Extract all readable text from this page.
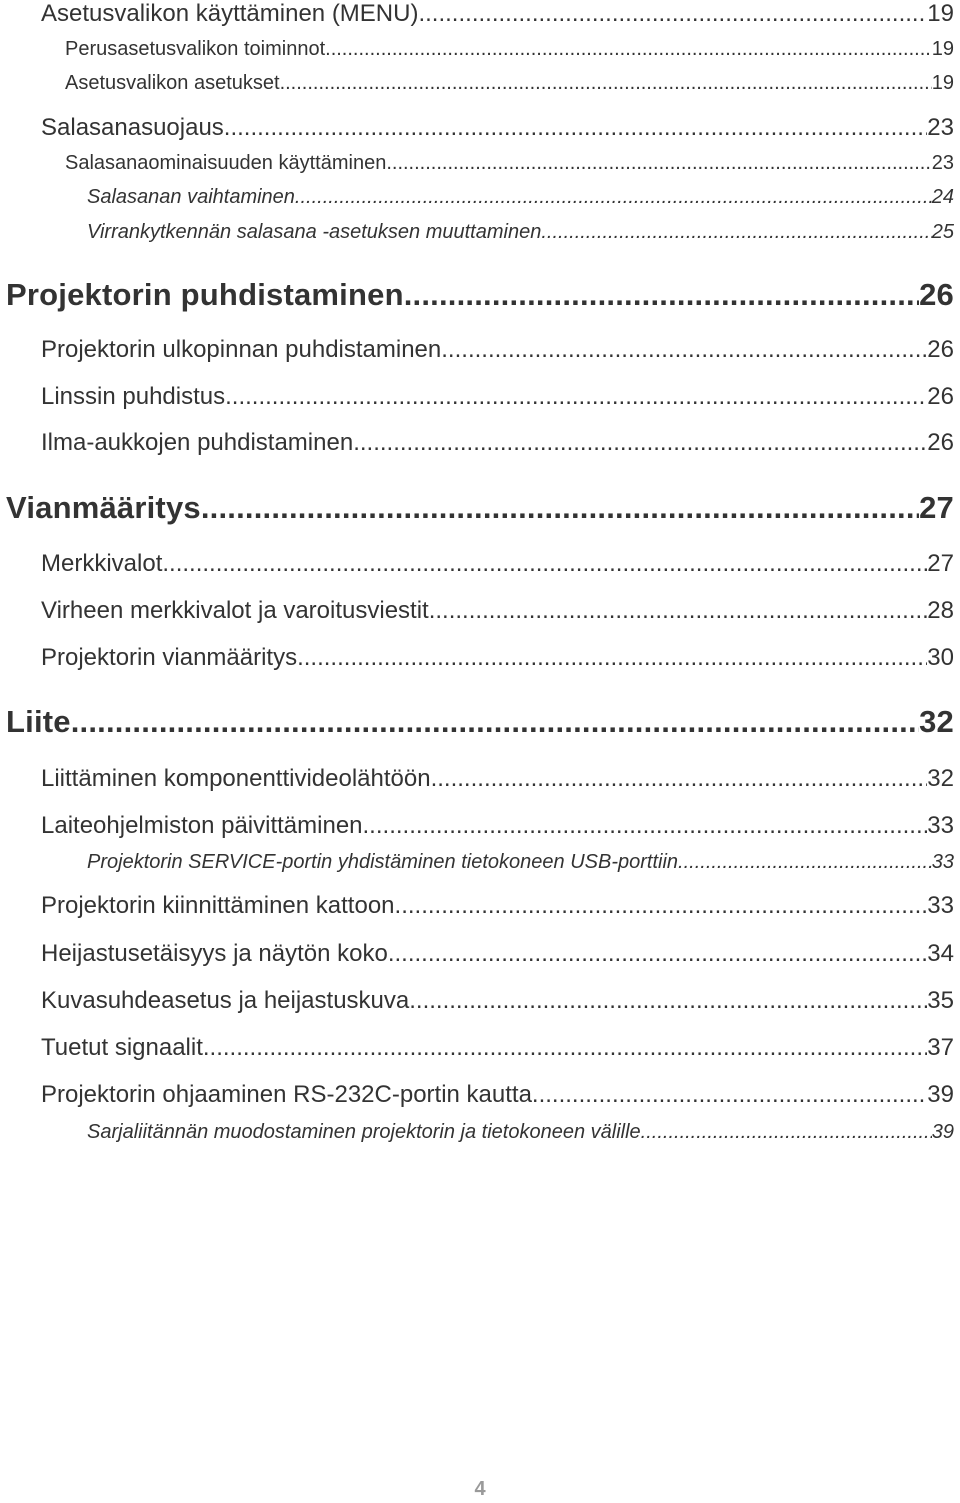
Asetusvalikon käyttäminen (MENU) .....	19
Perusasetusvalikon toiminnot .....	19
Asetusvalikon asetukset .....	19
Salasanasuojaus. .....	23
Salasanaominaisuuden käyttäminen .....	23
Salasanan vaihtaminen. .....	24
Virrankytkennän salasana -asetuksen muuttaminen. .....	25
Projektorin puhdistaminen .....	26
Projektorin ulkopinnan puhdistaminen .....	26
Linssin puhdistus .....	26
Ilma-aukkojen puhdistaminen .....	26
Vianmääritys .....	27
Merkkivalot .....	27
Virheen merkkivalot ja varoitusviestit .....	28
Projektorin vianmääritys .....	30
Liite .....	32
Liittäminen komponenttivideolähtöön .....	32
Laiteohjelmiston päivittäminen .....	33
Projektorin SERVICE-portin yhdistäminen tietokoneen USB-porttiin .....	33
Projektorin kiinnittäminen kattoon .....	33
Heijastusetäisyys ja näytön koko .....	34
Kuvasuhdeasetus ja heijastuskuva .....	35
Tuetut signaalit .....	37
Projektorin ohjaaminen RS-232C-portin kautta .....	39
Sarjaliitännän muodostaminen projektorin ja tietokoneen välille .....	39
4
